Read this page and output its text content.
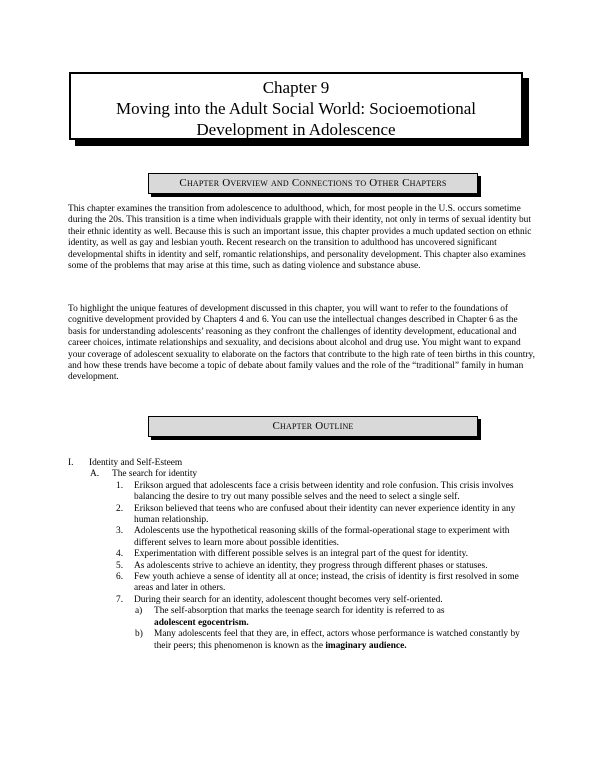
Chapter 9
Moving into the Adult Social World: Socioemotional
Development in Adolescence
Chapter Overview and Connections to Other Chapters

This chapter examines the transition from adolescence to adulthood, which, for most people in the U.S. occurs sometime during the 20s. This transition is a time when individuals grapple with their identity, not only in terms of sexual identity but their ethnic identity as well. Because this is such an important issue, this chapter provides a much updated section on ethnic identity, as well as gay and lesbian youth. Recent research on the transition to adulthood has uncovered significant developmental shifts in identity and self, romantic relationships, and personality development. This chapter also examines some of the problems that may arise at this time, such as dating violence and substance abuse.

To highlight the unique features of development discussed in this chapter, you will want to refer to the foundations of cognitive development provided by Chapters 4 and 6. You can use the intellectual changes described in Chapter 6 as the basis for understanding adolescents’ reasoning as they confront the challenges of identity development, educational and career choices, intimate relationships and sexuality, and decisions about alcohol and drug use. You might want to expand your coverage of adolescent sexuality to elaborate on the factors that contribute to the high rate of teen births in this country, and how these trends have become a topic of debate about family values and the role of the “traditional” family in human development.

Chapter Outline
I. Identity and Self-Esteem
A. The search for identity
1. Erikson argued that adolescents face a crisis between identity and role confusion. This crisis involves balancing the desire to try out many possible selves and the need to select a single self.
2. Erikson believed that teens who are confused about their identity can never experience identity in any human relationship.
3. Adolescents use the hypothetical reasoning skills of the formal-operational stage to experiment with different selves to learn more about possible identities.
4. Experimentation with different possible selves is an integral part of the quest for identity.
5. As adolescents strive to achieve an identity, they progress through different phases or statuses.
6. Few youth achieve a sense of identity all at once; instead, the crisis of identity is first resolved in some areas and later in others.
7. During their search for an identity, adolescent thought becomes very self-oriented.
a) The self-absorption that marks the teenage search for identity is referred to as
adolescent egocentrism.
b) Many adolescents feel that they are, in effect, actors whose performance is watched constantly by their peers; this phenomenon is known as the imaginary audience.
